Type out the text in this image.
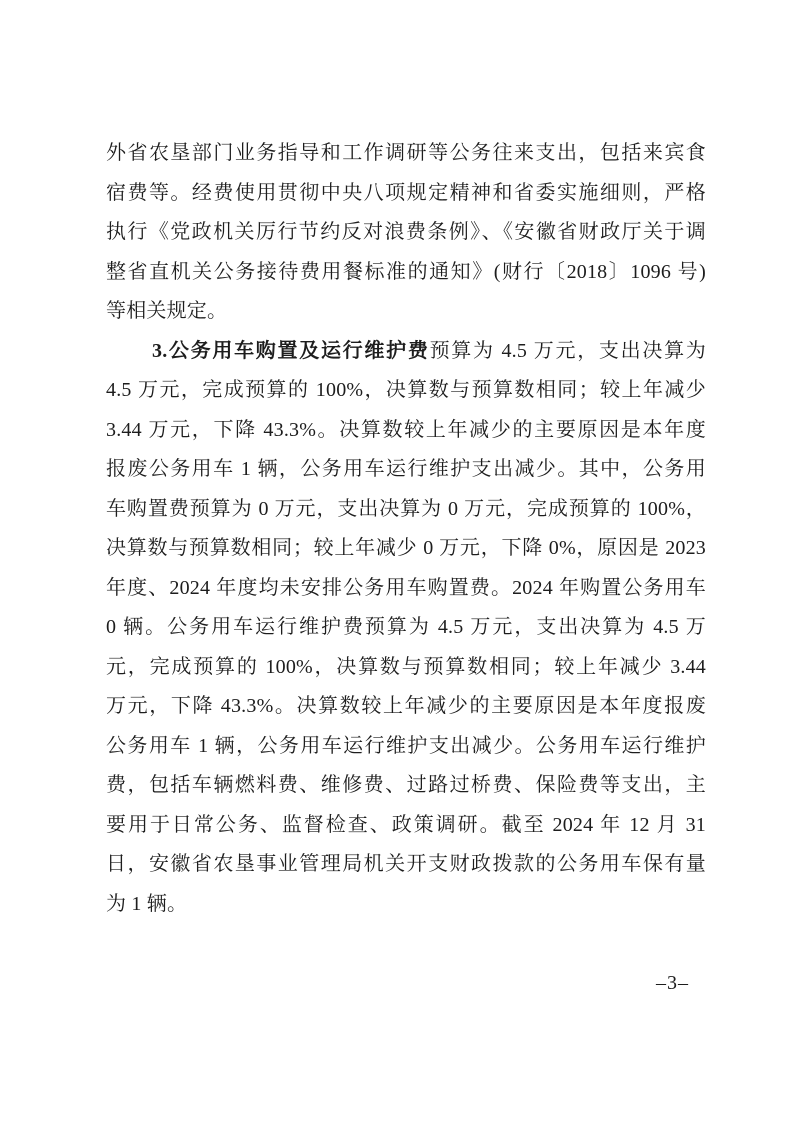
外省农垦部门业务指导和工作调研等公务往来支出，包括来宾食
宿费等。经费使用贯彻中央八项规定精神和省委实施细则，严格
执行《党政机关厉行节约反对浪费条例》、《安徽省财政厅关于调
整省直机关公务接待费用餐标准的通知》(财行〔2018〕1096 号)
等相关规定。
3.公务用车购置及运行维护费预算为 4.5 万元，支出决算为
4.5 万元，完成预算的 100%，决算数与预算数相同；较上年减少
3.44 万元，下降 43.3%。决算数较上年减少的主要原因是本年度
报废公务用车 1 辆，公务用车运行维护支出减少。其中，公务用
车购置费预算为 0 万元，支出决算为 0 万元，完成预算的 100%，
决算数与预算数相同；较上年减少 0 万元，下降 0%，原因是 2023
年度、2024 年度均未安排公务用车购置费。2024 年购置公务用车
0 辆。公务用车运行维护费预算为 4.5 万元，支出决算为 4.5 万
元，完成预算的 100%，决算数与预算数相同；较上年减少 3.44
万元，下降 43.3%。决算数较上年减少的主要原因是本年度报废
公务用车 1 辆，公务用车运行维护支出减少。公务用车运行维护
费，包括车辆燃料费、维修费、过路过桥费、保险费等支出，主
要用于日常公务、监督检查、政策调研。截至 2024 年 12 月 31
日，安徽省农垦事业管理局机关开支财政拨款的公务用车保有量
为 1 辆。
–3–
